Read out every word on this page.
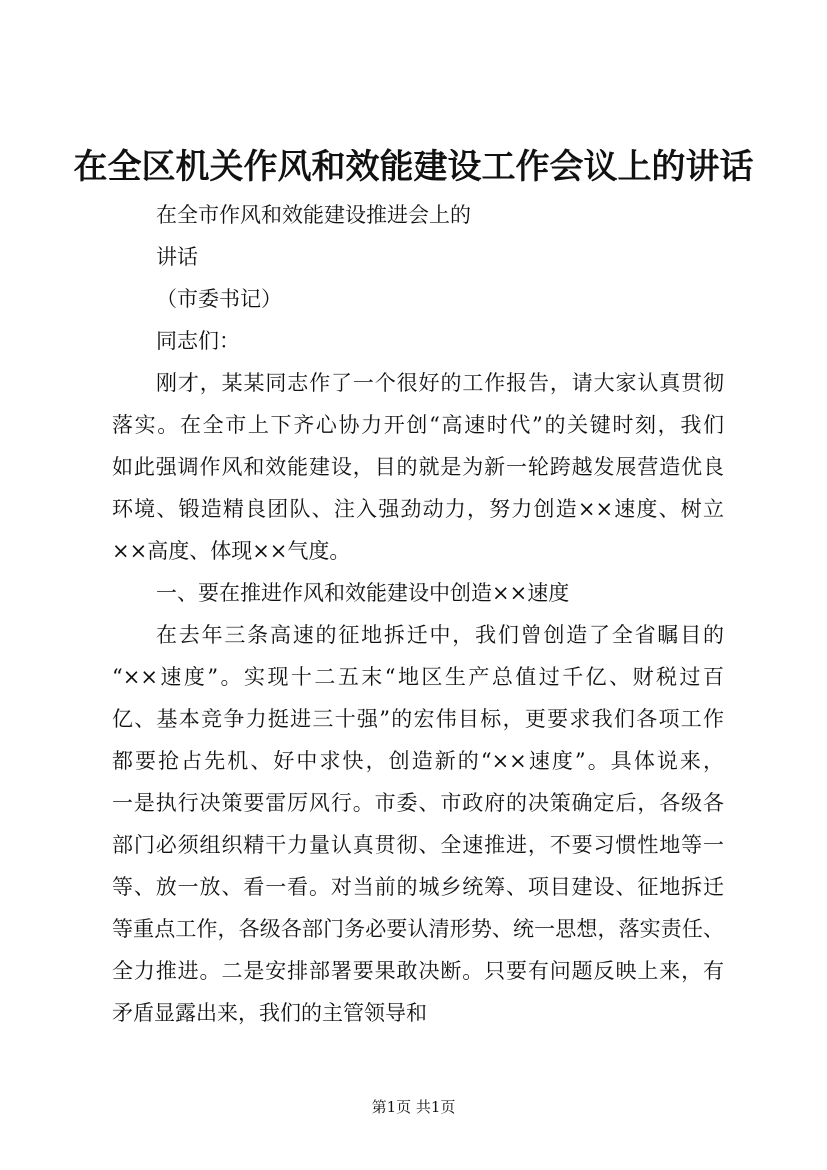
在全区机关作风和效能建设工作会议上的讲话
在全市作风和效能建设推进会上的
讲话
（市委书记）
同志们：
刚才，某某同志作了一个很好的工作报告，请大家认真贯彻
落实。在全市上下齐心协力开创“高速时代”的关键时刻，我们
如此强调作风和效能建设，目的就是为新一轮跨越发展营造优良
环境、锻造精良团队、注入强劲动力，努力创造××速度、树立
××高度、体现××气度。
一、要在推进作风和效能建设中创造××速度
在去年三条高速的征地拆迁中，我们曾创造了全省瞩目的
“××速度”。实现十二五末“地区生产总值过千亿、财税过百
亿、基本竞争力挺进三十强”的宏伟目标，更要求我们各项工作
都要抢占先机、好中求快，创造新的“××速度”。具体说来，
一是执行决策要雷厉风行。市委、市政府的决策确定后，各级各
部门必须组织精干力量认真贯彻、全速推进，不要习惯性地等一
等、放一放、看一看。对当前的城乡统筹、项目建设、征地拆迁
等重点工作，各级各部门务必要认清形势、统一思想，落实责任、
全力推进。二是安排部署要果敢决断。只要有问题反映上来，有
矛盾显露出来，我们的主管领导和
第1页 共1页
